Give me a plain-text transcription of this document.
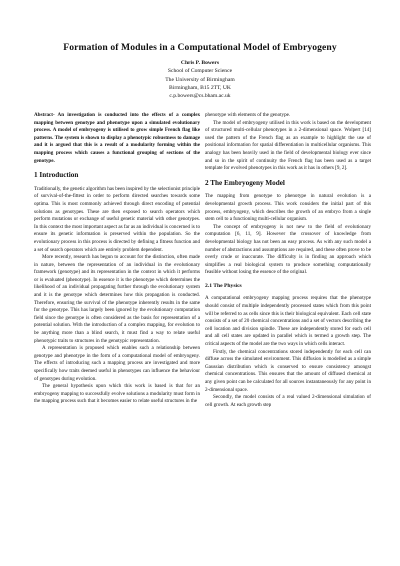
Formation of Modules in a Computational Model of Embryogeny
Chris P. Bowers
School of Computer Science
The University of Birmingham
Birmingham, B15 2TT, UK
c.p.bowers@cs.bham.ac.uk

Abstract- An investigation is conducted into the effects of a complex mapping between genotype and phenotype upon a simulated evolutionary process. A model of embryogeny is utilised to grow simple French flag like patterns. The system is shown to display a phenotypic robustness to damage and it is argued that this is a result of a modularity forming within the mapping process which causes a functional grouping of sections of the genotype.

1 Introduction

Traditionally, the genetic algorithm has been inspired by the selectionist principle of survival-of-the-fittest in order to perform directed searches towards some optima. This is most commonly achieved through direct encoding of potential solutions as genotypes. These are then exposed to search operators which perform mutations or exchange of useful genetic material with other genotypes. In this context the most important aspect as far as an individual is concerned is to ensure its genetic information is preserved within the population. So the evolutionary process in this process is directed by defining a fitness function and a set of search operators which are entirely problem dependent.

More recently, research has begun to account for the distinction, often made in nature, between the representation of an individual in the evolutionary framework (genotype) and its representation in the context in which it performs or is evaluated (phenotype). In essence it is the phenotype which determines the likelihood of an individual propagating further through the evolutionary system and it is the genotype which determines how this propagation is conducted. Therefore, ensuring the survival of the phenotype inherently results in the same for the genotype. This has largely been ignored by the evolutionary computation field since the genotype is often considered as the basis for representation of a potential solution. With the introduction of a complex mapping, for evolution to be anything more than a blind search, it must find a way to relate useful phenotypic traits to structures in the genotypic representation.

A representation is proposed which enables such a relationship between genotype and phenotype in the form of a computational model of embryogeny. The effects of introducing such a mapping process are investigated and more specifically how traits deemed useful in phenotypes can influence the behaviour of genotypes during evolution.

The general hypothesis upon which this work is based is that for an embryogeny mapping to successfully evolve solutions a modularity must form in the mapping process such that it becomes easier to relate useful structures in the

phenotype with elements of the genotype.

The model of embryogeny utilised in this work is based on the development of structured multi-cellular phenotypes in a 2-dimensional space. Wolpert [14] used the pattern of the French flag as an example to highlight the use of positional information for spatial differentiation in multicellular organisms. This analogy has been heavily used in the field of developmental biology ever since and so in the spirit of continuity the French flag has been used as a target template for evolved phenotypes in this work as it has in others [9, 2].

2 The Embryogeny Model

The mapping from genotype to phenotype in natural evolution is a developmental growth process. This work considers the initial part of this process, embryogeny, which describes the growth of an embryo from a single stem cell to a functioning multi-cellular organism.

The concept of embryogeny is not new to the field of evolutionary computation [6, 11, 9]. However the crossover of knowledge from developmental biology has not been an easy process. As with any such model a number of abstractions and assumptions are required, and these often prove to be overly crude or inaccurate. The difficulty is in finding an approach which simplifies a real biological system to produce something computationally feasible without losing the essence of the original.

2.1 The Physics

A computational embryogeny mapping process requires that the phenotype should consist of multiple independently processed states which from this point will be referred to as cells since this is their biological equivalent. Each cell state consists of a set of 20 chemical concentrations and a set of vectors describing the cell location and division spindle. These are independently stored for each cell and all cell states are updated in parallel which is termed a growth step. The critical aspects of the model are the two ways in which cells interact.

Firstly, the chemical concentrations stored independently for each cell can diffuse across the simulated environment. This diffusion is modelled as a simple Gaussian distribution which is conserved to ensure consistency amongst chemical concentrations. This ensures that the amount of diffused chemical at any given point can be calculated for all sources instantaneously for any point in 2-dimensional space.

Secondly, the model consists of a real valued 2-dimensional simulation of cell growth. At each growth step
